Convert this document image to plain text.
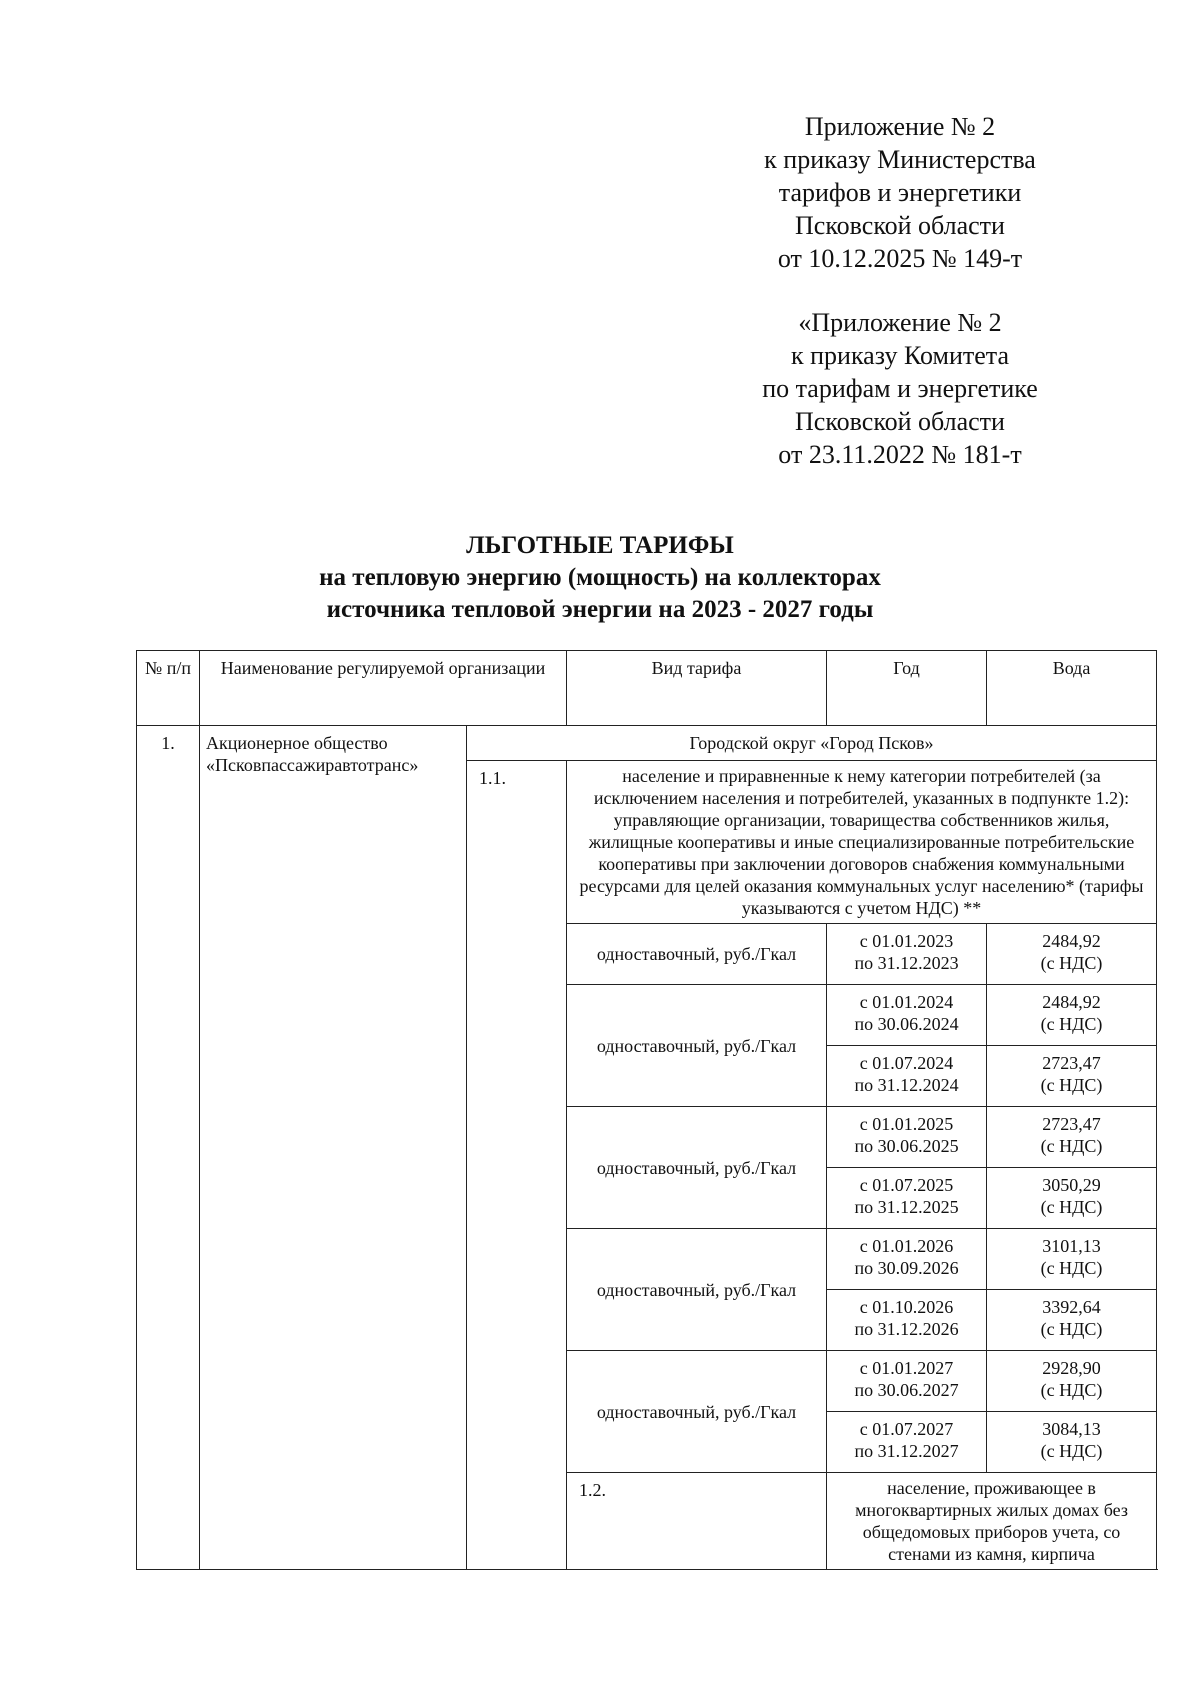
Приложение № 2
к приказу Министерства
тарифов и энергетики
Псковской области
от 10.12.2025 № 149-т
«Приложение № 2
к приказу Комитета
по тарифам и энергетике
Псковской области
от 23.11.2022 № 181-т
ЛЬГОТНЫЕ ТАРИФЫ
на тепловую энергию (мощность) на коллекторах
источника тепловой энергии на 2023 - 2027 годы
№ п/п	Наименование регулируемой организации		Вид тарифа	Год	Вода
1.	Акционерное общество «Псковпассажиравтотранс»	Городской округ «Город Псков»			
		1.1.	население и приравненные к нему категории потребителей (за исключением населения и потребителей, указанных в подпункте 1.2): управляющие организации, товарищества собственников жилья, жилищные кооперативы и иные специализированные потребительские кооперативы при заключении договоров снабжения коммунальными ресурсами для целей оказания коммунальных услуг населению* (тарифы указываются с учетом НДС) **		
			одноставочный, руб./Гкал	с 01.01.2023
по 31.12.2023	2484,92
(с НДС)

			одноставочный, руб./Гкал	с 01.01.2024
по 30.06.2024	2484,92
(с НДС)

				с 01.07.2024
по 31.12.2024	2723,47
(с НДС)

			одноставочный, руб./Гкал	с 01.01.2025
по 30.06.2025	2723,47
(с НДС)

				с 01.07.2025
по 31.12.2025	3050,29
(с НДС)

			одноставочный, руб./Гкал	с 01.01.2026
по 30.09.2026	3101,13
(с НДС)

				с 01.10.2026
по 31.12.2026	3392,64
(с НДС)

			одноставочный, руб./Гкал	с 01.01.2027
по 30.06.2027	2928,90
(с НДС)

				с 01.07.2027
по 31.12.2027	3084,13
(с НДС)

			1.2.	население, проживающее в многоквартирных жилых домах без общедомовых приборов учета, со стенами из камня, кирпича	
